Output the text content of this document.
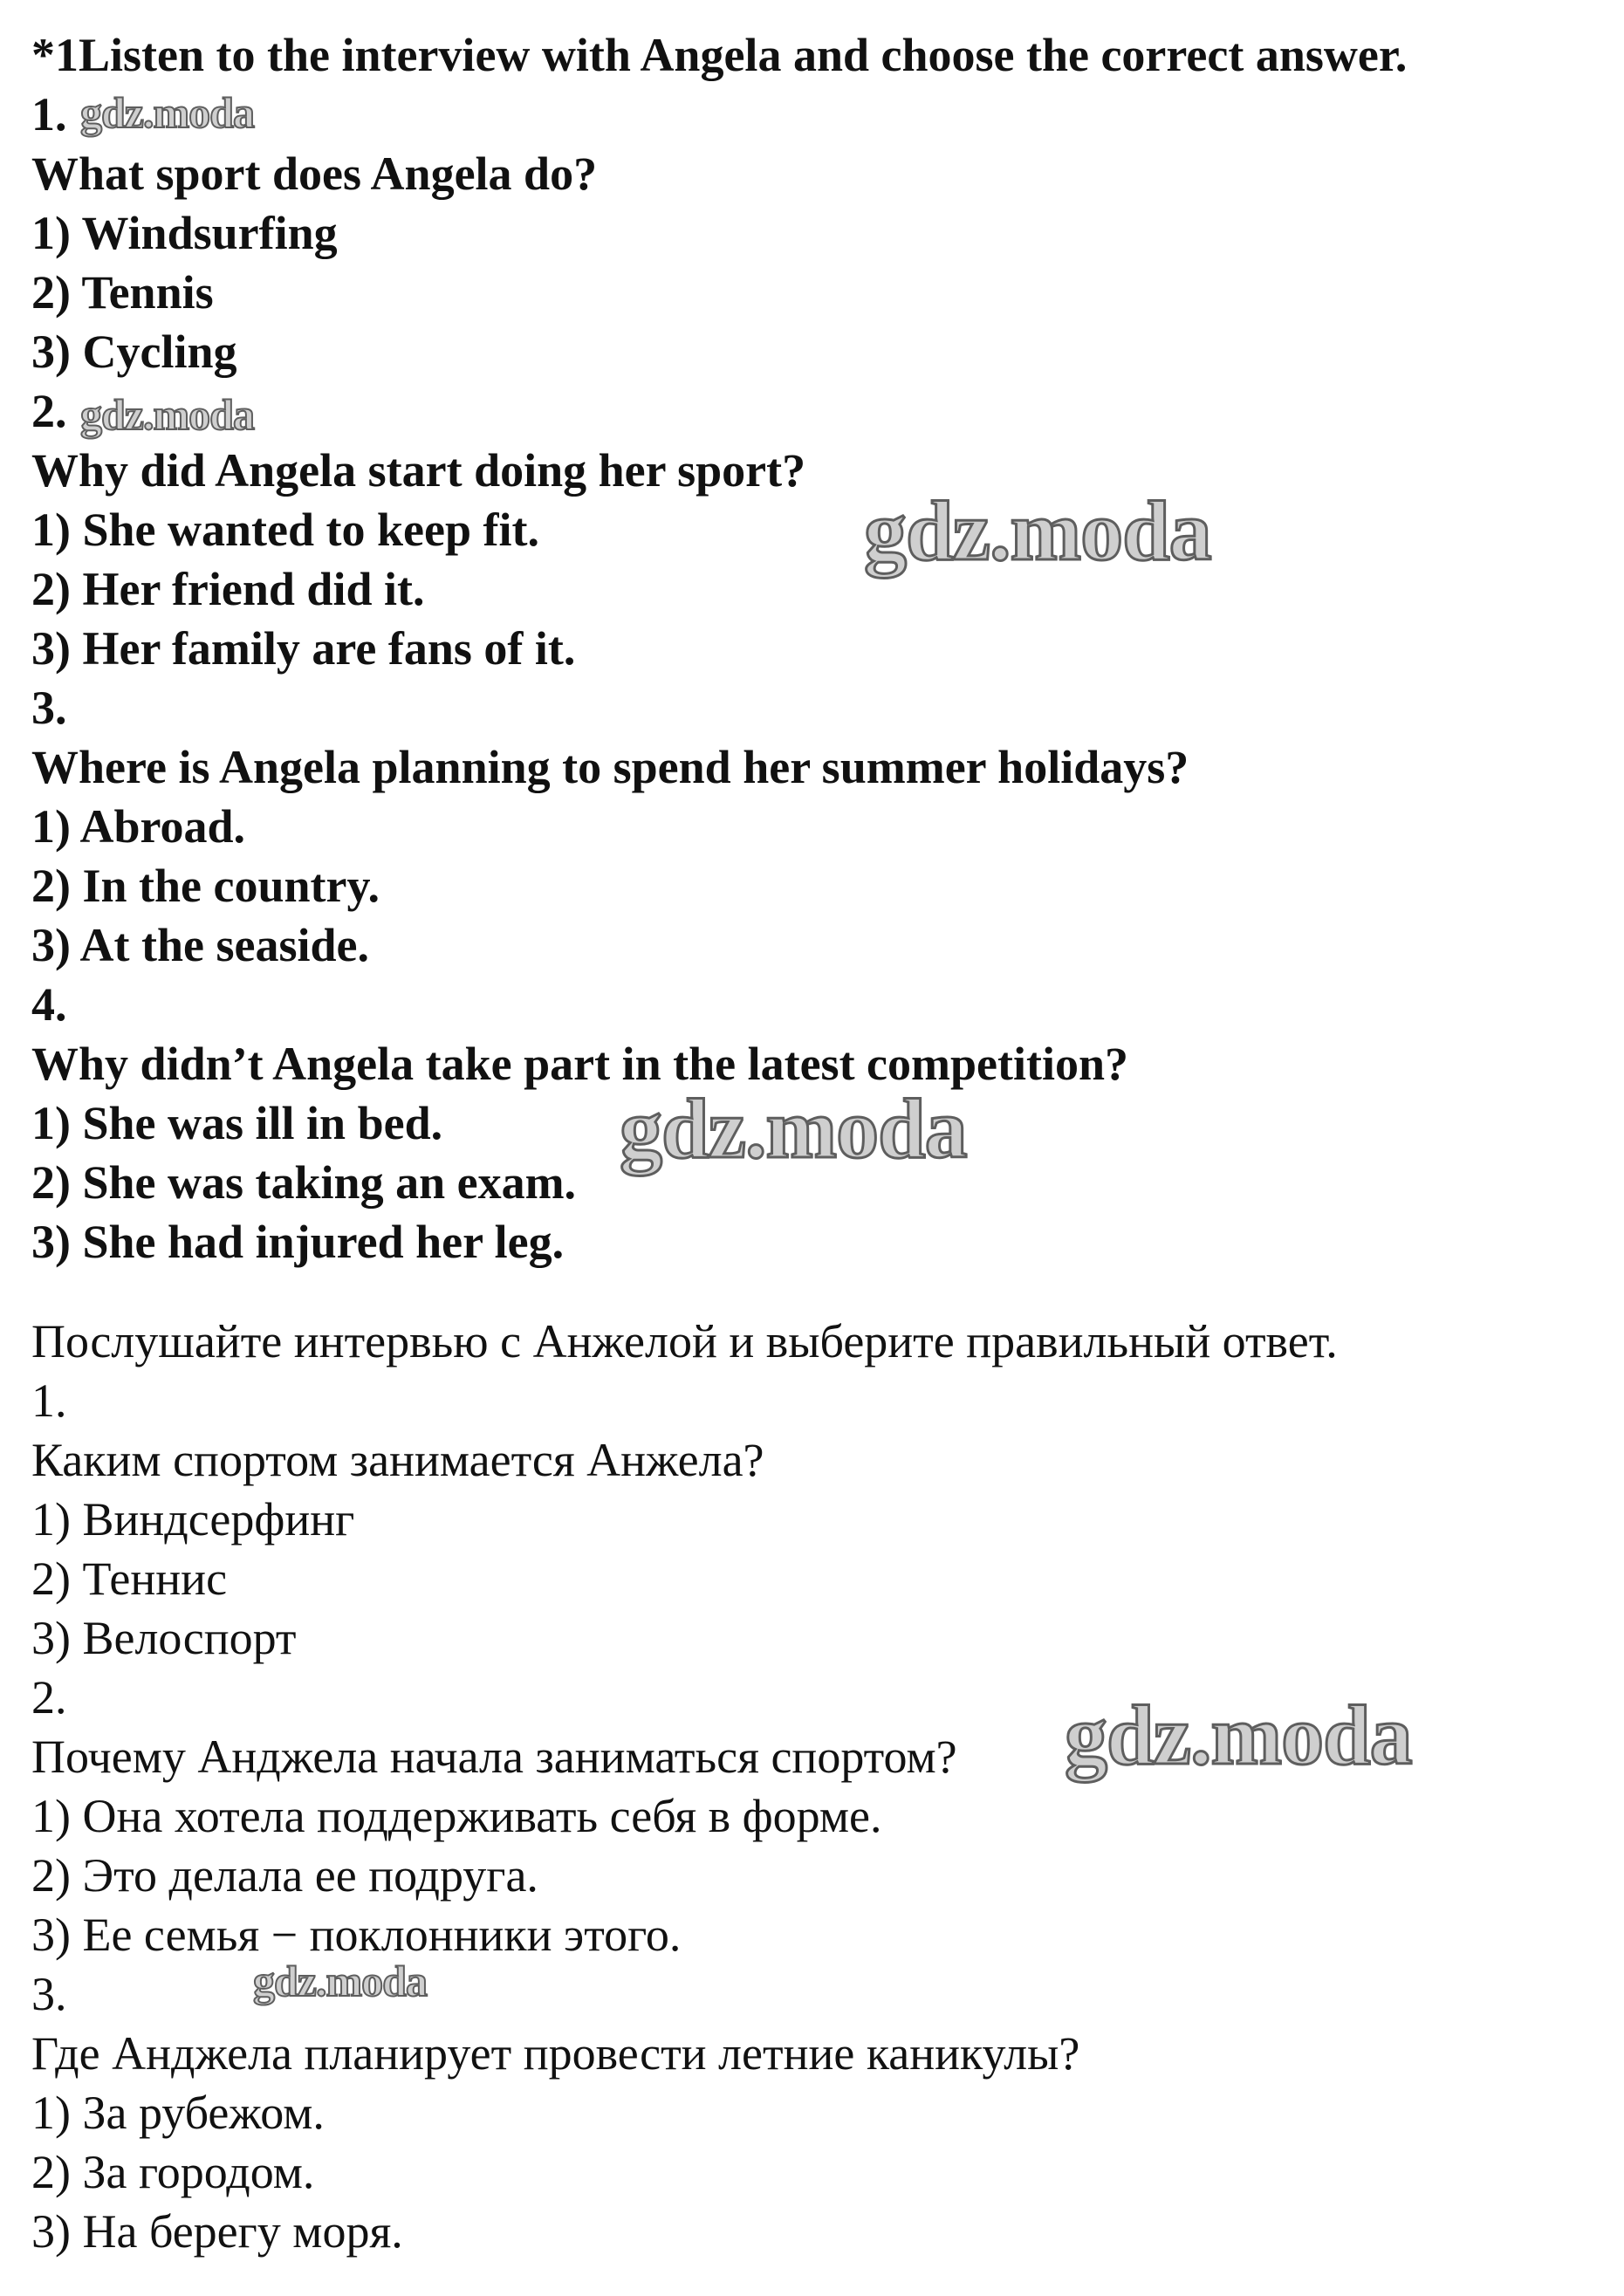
*1Listen to the interview with Angela and choose the correct answer.
1.
What sport does Angela do?
1) Windsurfing
2) Tennis
3) Cycling
2.
Why did Angela start doing her sport?
1) She wanted to keep fit.
2) Her friend did it.
3) Her family are fans of it.
3.
Where is Angela planning to spend her summer holidays?
1) Abroad.
2) In the country.
3) At the seaside.
4.
Why didn’t Angela take part in the latest competition?
1) She was ill in bed.
2) She was taking an exam.
3) She had injured her leg.
Послушайте интервью с Анжелой и выберите правильный ответ.
1.
Каким спортом занимается Анжела?
1) Виндсерфинг
2) Теннис
3) Велоспорт
2.
Почему Анджела начала заниматься спортом?
1) Она хотела поддерживать себя в форме.
2) Это делала ее подруга.
3) Ее семья − поклонники этого.
3.
Где Анджела планирует провести летние каникулы?
1) За рубежом.
2) За городом.
3) На берегу моря.
gdz.moda
gdz.moda
gdz.moda
gdz.moda
gdz.moda
gdz.moda
